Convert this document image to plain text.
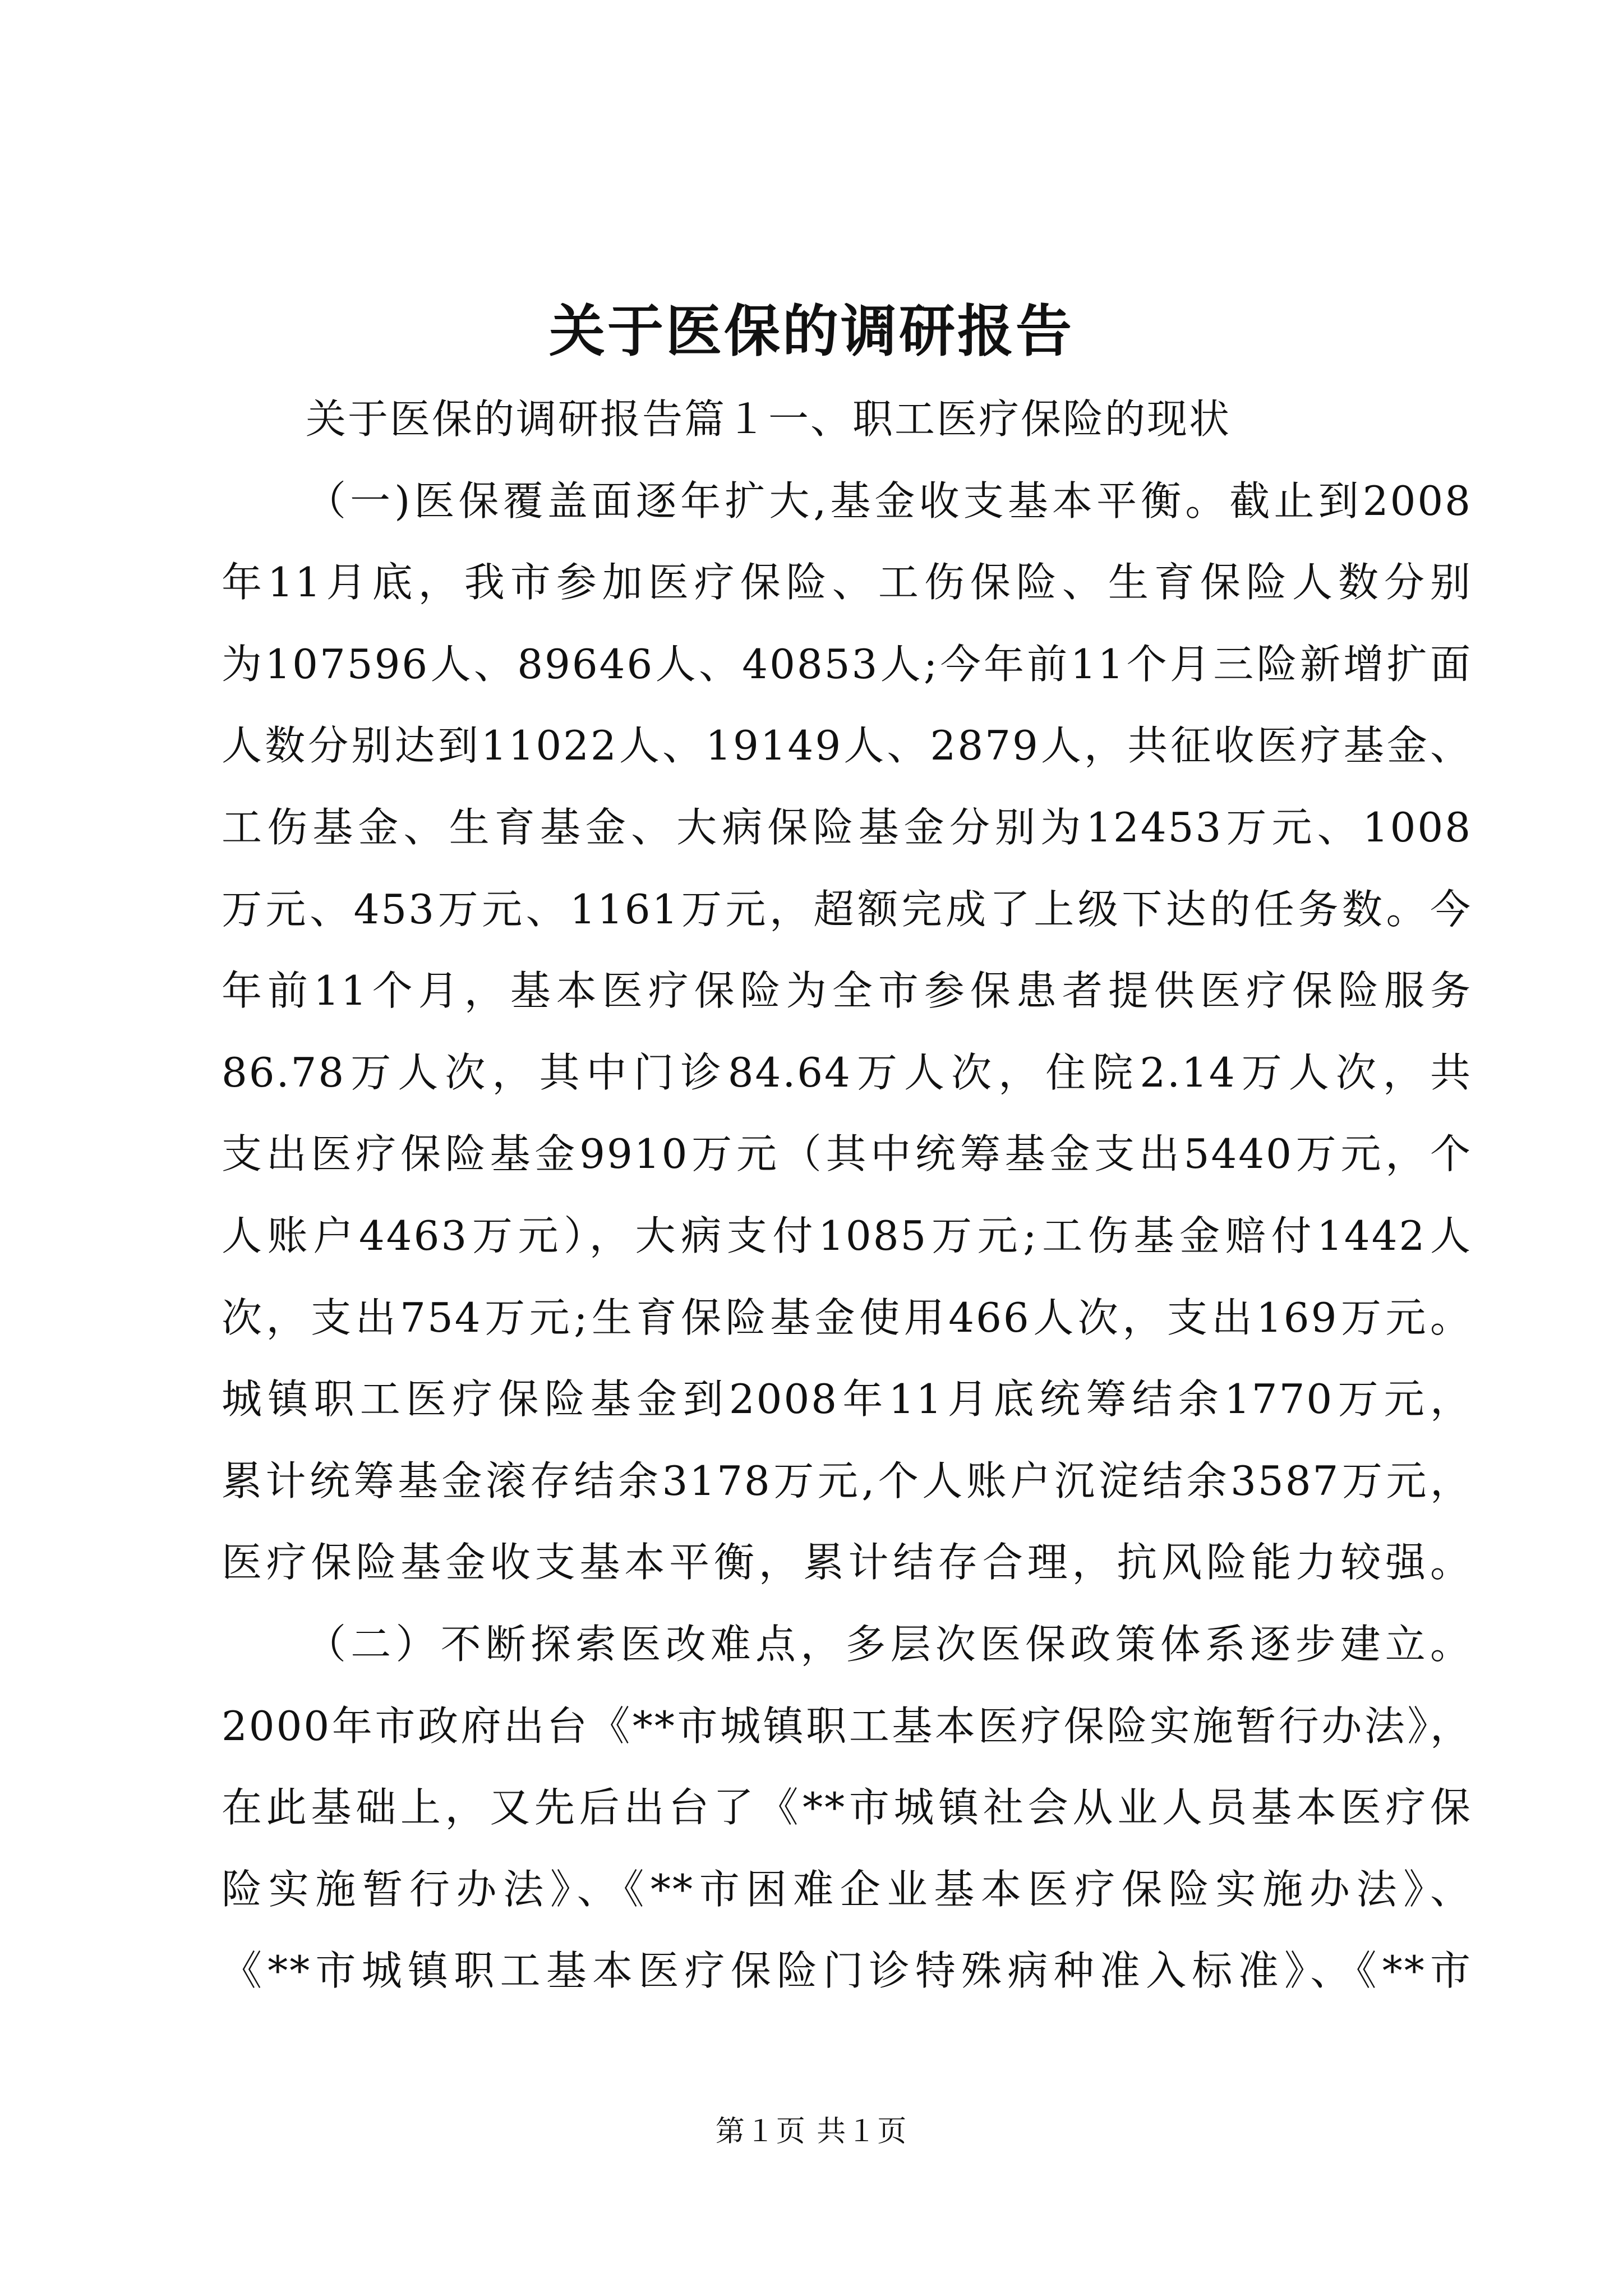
关于医保的调研报告
关于医保的调研报告篇１一、职工医疗保险的现状
（一)医保覆盖面逐年扩大,基金收支基本平衡。截止到2008
年11月底，我市参加医疗保险、工伤保险、生育保险人数分别
为107596人、89646人、40853人;今年前11个月三险新增扩面
人数分别达到11022人、19149人、2879人，共征收医疗基金、
工伤基金、生育基金、大病保险基金分别为12453万元、1008
万元、453万元、1161万元，超额完成了上级下达的任务数。今
年前11个月，基本医疗保险为全市参保患者提供医疗保险服务
86.78万人次，其中门诊84.64万人次，住院2.14万人次，共
支出医疗保险基金9910万元（其中统筹基金支出5440万元，个
人账户4463万元），大病支付1085万元;工伤基金赔付1442人
次，支出754万元;生育保险基金使用466人次，支出169万元。
城镇职工医疗保险基金到2008年11月底统筹结余1770万元，
累计统筹基金滚存结余3178万元,个人账户沉淀结余3587万元，
医疗保险基金收支基本平衡，累计结存合理，抗风险能力较强。
（二）不断探索医改难点，多层次医保政策体系逐步建立。
2000年市政府出台《**市城镇职工基本医疗保险实施暂行办法》，
在此基础上，又先后出台了《**市城镇社会从业人员基本医疗保
险实施暂行办法》、《**市困难企业基本医疗保险实施办法》、
《**市城镇职工基本医疗保险门诊特殊病种准入标准》、《**市
第１页 共１页
